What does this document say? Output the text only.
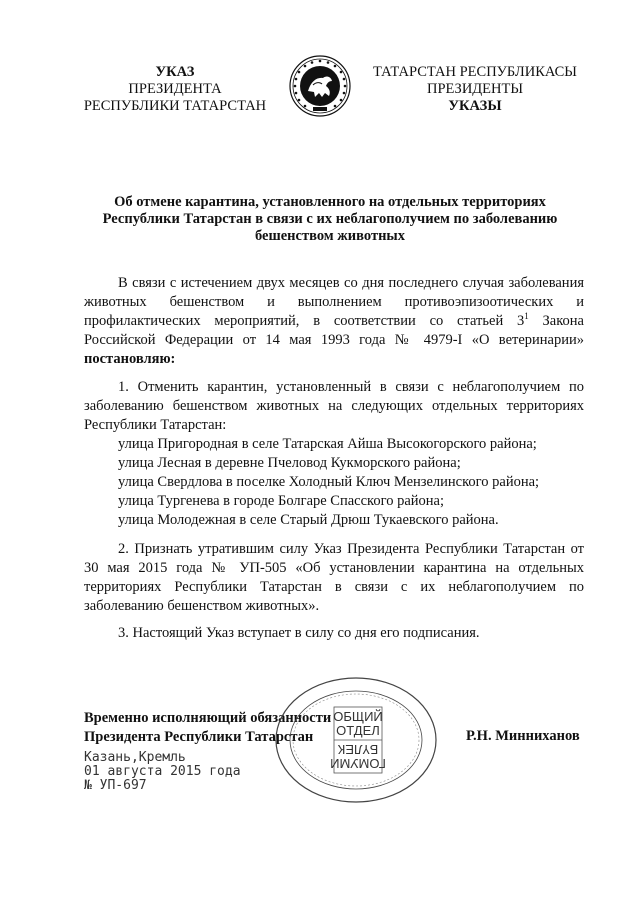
УКАЗ
ПРЕЗИДЕНТА
РЕСПУБЛИКИ ТАТАРСТАН
ТАТАРСТАН РЕСПУБЛИКАСЫ
ПРЕЗИДЕНТЫ
УКАЗЫ
Об отмене карантина, установленного на отдельных территориях
Республики Татарстан в связи с их неблагополучием по заболеванию
бешенством животных
В связи с истечением двух месяцев со дня последнего случая заболевания животных бешенством и выполнением противоэпизоотических и профилактических мероприятий, в соответствии со статьей $3^1$ Закона Российской Федерации от 14 мая 1993 года № 4979-I «О ветеринарии» постановляю:
1. Отменить карантин, установленный в связи с неблагополучием по заболеванию бешенством животных на следующих отдельных территориях Республики Татарстан:
улица Пригородная в селе Татарская Айша Высокогорского района;
улица Лесная в деревне Пчеловод Кукморского района;
улица Свердлова в поселке Холодный Ключ Мензелинского района;
улица Тургенева в городе Болгаре Спасского района;
улица Молодежная в селе Старый Дрюш Тукаевского района.
2. Признать утратившим силу Указ Президента Республики Татарстан от 30 мая 2015 года № УП-505 «Об установлении карантина на отдельных территориях Республики Татарстан в связи с их неблагополучием по заболеванию бешенством животных».
3. Настоящий Указ вступает в силу со дня его подписания.
Временно исполняющий обязанности
Президента Республики Татарстан
ОБЩИЙ
ОТДЕЛ
БҮЛЕК
ГОМУМИ
Р.Н. Минниханов
Казань,Кремль
01 августа 2015 года
№ УП-697
